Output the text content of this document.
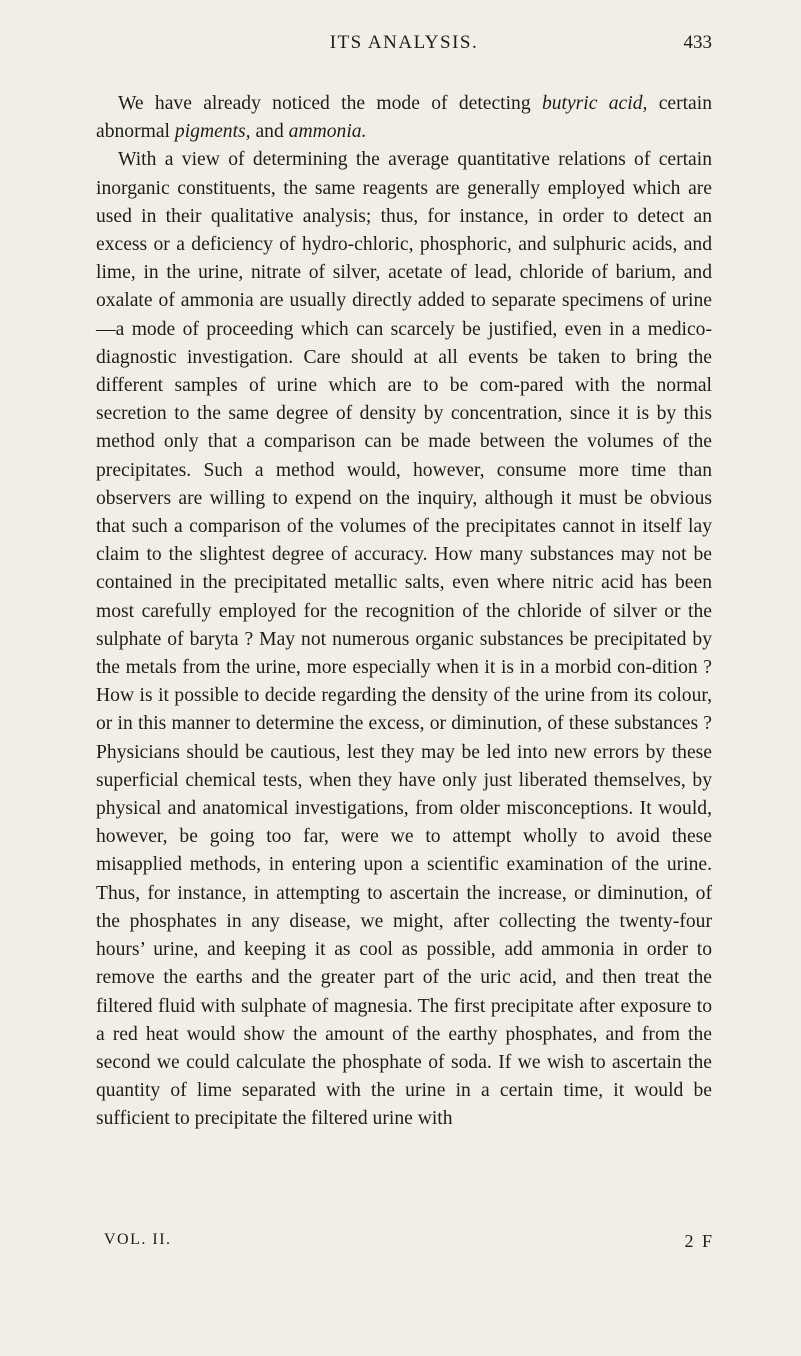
ITS ANALYSIS.	433

We have already noticed the mode of detecting butyric acid, certain abnormal pigments, and ammonia.

With a view of determining the average quantitative relations of certain inorganic constituents, the same reagents are generally employed which are used in their qualitative analysis; thus, for instance, in order to detect an excess or a deficiency of hydro-chloric, phosphoric, and sulphuric acids, and lime, in the urine, nitrate of silver, acetate of lead, chloride of barium, and oxalate of ammonia are usually directly added to separate specimens of urine —a mode of proceeding which can scarcely be justified, even in a medico-diagnostic investigation. Care should at all events be taken to bring the different samples of urine which are to be com-pared with the normal secretion to the same degree of density by concentration, since it is by this method only that a comparison can be made between the volumes of the precipitates. Such a method would, however, consume more time than observers are willing to expend on the inquiry, although it must be obvious that such a comparison of the volumes of the precipitates cannot in itself lay claim to the slightest degree of accuracy. How many substances may not be contained in the precipitated metallic salts, even where nitric acid has been most carefully employed for the recognition of the chloride of silver or the sulphate of baryta ? May not numerous organic substances be precipitated by the metals from the urine, more especially when it is in a morbid con-dition ? How is it possible to decide regarding the density of the urine from its colour, or in this manner to determine the excess, or diminution, of these substances ? Physicians should be cautious, lest they may be led into new errors by these superficial chemical tests, when they have only just liberated themselves, by physical and anatomical investigations, from older misconceptions. It would, however, be going too far, were we to attempt wholly to avoid these misapplied methods, in entering upon a scientific examination of the urine. Thus, for instance, in attempting to ascertain the increase, or diminution, of the phosphates in any disease, we might, after collecting the twenty-four hours’ urine, and keeping it as cool as possible, add ammonia in order to remove the earths and the greater part of the uric acid, and then treat the filtered fluid with sulphate of magnesia. The first precipitate after exposure to a red heat would show the amount of the earthy phosphates, and from the second we could calculate the phosphate of soda. If we wish to ascertain the quantity of lime separated with the urine in a certain time, it would be sufficient to precipitate the filtered urine with

VOL. II.	2 F
